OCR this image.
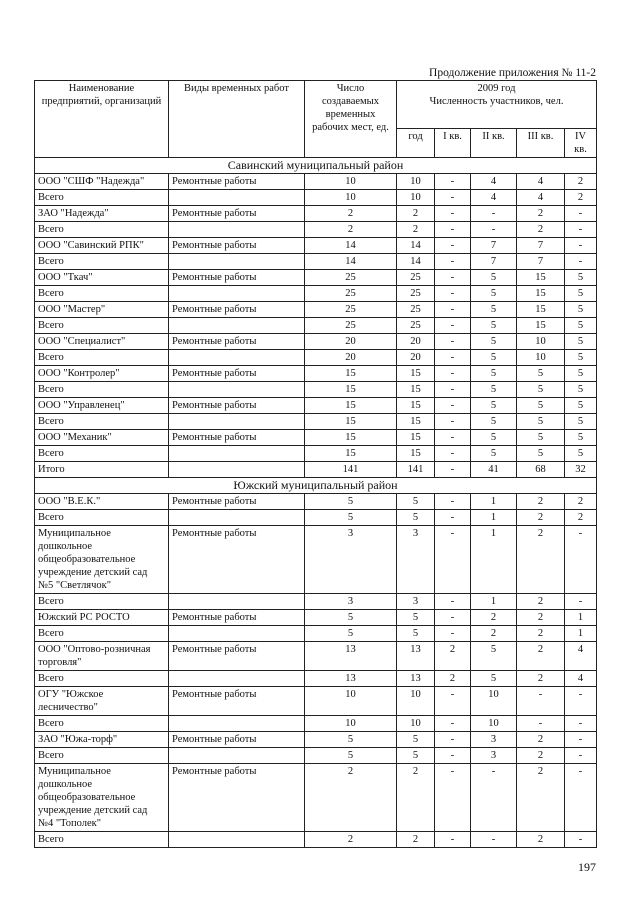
Продолжение приложения № 11-2
Наименование предприятий, организаций	Виды временных работ	Число создаваемых временных рабочих мест, ед.	2009 год
Численность участников, чел.				

			год	I кв.	II кв.	III кв.	IV кв.
Савинский муниципальный район							
ООО "СШФ "Надежда"	Ремонтные работы	10	10	-	4	4	2
Всего		10	10	-	4	4	2
ЗАО "Надежда"	Ремонтные работы	2	2	-	-	2	-
Всего		2	2	-	-	2	-
ООО "Савинский РПК"	Ремонтные работы	14	14	-	7	7	-
Всего		14	14	-	7	7	-
ООО "Ткач"	Ремонтные работы	25	25	-	5	15	5
Всего		25	25	-	5	15	5
ООО "Мастер"	Ремонтные работы	25	25	-	5	15	5
Всего		25	25	-	5	15	5
ООО "Специалист"	Ремонтные работы	20	20	-	5	10	5
Всего		20	20	-	5	10	5
ООО "Контролер"	Ремонтные работы	15	15	-	5	5	5
Всего		15	15	-	5	5	5
ООО "Управленец"	Ремонтные работы	15	15	-	5	5	5
Всего		15	15	-	5	5	5
ООО "Механик"	Ремонтные работы	15	15	-	5	5	5
Всего		15	15	-	5	5	5
Итого		141	141	-	41	68	32
Южский муниципальный район							
ООО "В.Е.К."	Ремонтные работы	5	5	-	1	2	2
Всего		5	5	-	1	2	2
Муниципальное дошкольное общеобразовательное учреждение детский сад №5 "Светлячок"	Ремонтные работы	3	3	-	1	2	-
Всего		3	3	-	1	2	-
Южский РС РОСТО	Ремонтные работы	5	5	-	2	2	1
Всего		5	5	-	2	2	1
ООО "Оптово-розничная торговля"	Ремонтные работы	13	13	2	5	2	4
Всего		13	13	2	5	2	4
ОГУ "Южское лесничество"	Ремонтные работы	10	10	-	10	-	-
Всего		10	10	-	10	-	-
ЗАО "Южа-торф"	Ремонтные работы	5	5	-	3	2	-
Всего		5	5	-	3	2	-
Муниципальное дошкольное общеобразовательное учреждение детский сад №4 "Тополек"	Ремонтные работы	2	2	-	-	2	-
Всего		2	2	-	-	2	-
197
